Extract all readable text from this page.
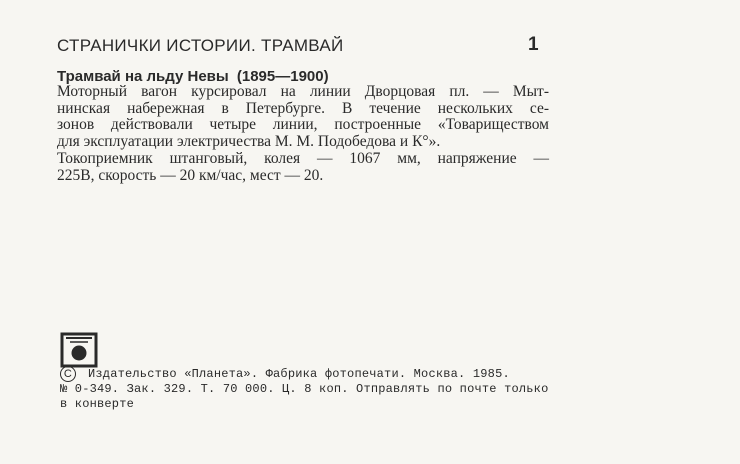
СТРАНИЧКИ ИСТОРИИ. ТРАМВАЙ	1
Трамвай на льду Невы (1895—1900)
Моторный вагон курсировал на линии Дворцовая пл. — Мыт-
нинская набережная в Петербурге. В течение нескольких се-
зонов действовали четыре линии, построенные «Товариществом
для эксплуатации электричества М. М. Подобедова и К°».
Токоприемник штанговый, колея — 1067 мм, напряжение —
225В, скорость — 20 км/час, мест — 20.
С Издательство «Планета». Фабрика фотопечати. Москва. 1985.
№ 0-349. Зак. 329. Т. 70 000. Ц. 8 коп. Отправлять по почте только
в конверте
